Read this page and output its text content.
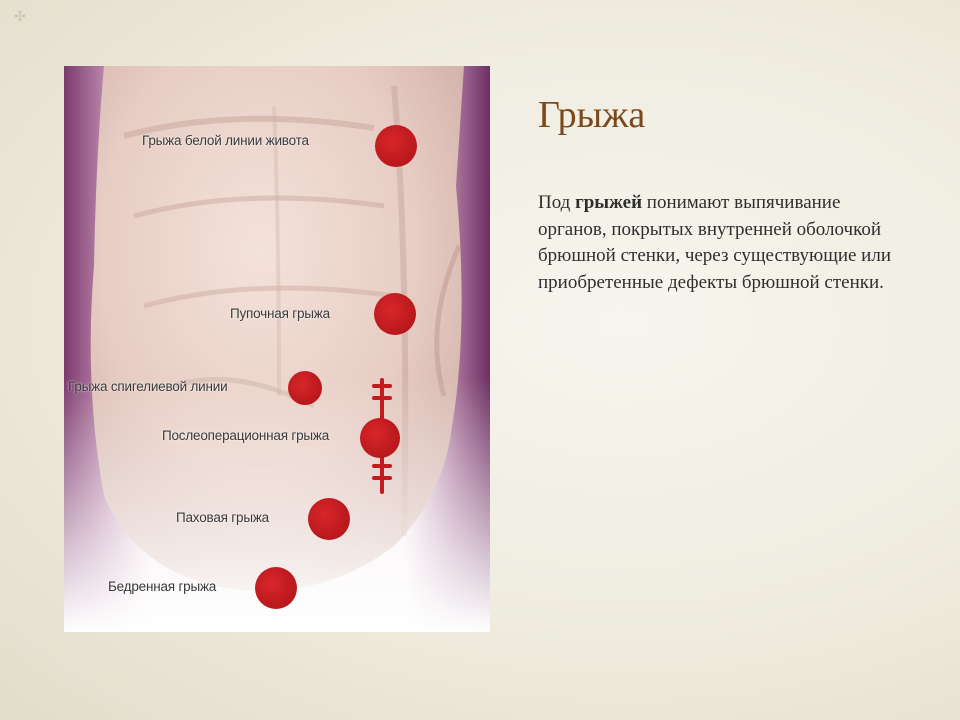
✣
Грыжа белой линии живота
Пупочная грыжа
Грыжа спигелиевой линии
Послеоперационная грыжа
Паховая грыжа
Бедренная грыжа
Грыжа

Под грыжей понимают выпячивание органов, покрытых внутренней оболочкой брюшной стенки, через существующие или приобретенные дефекты брюшной стенки.
